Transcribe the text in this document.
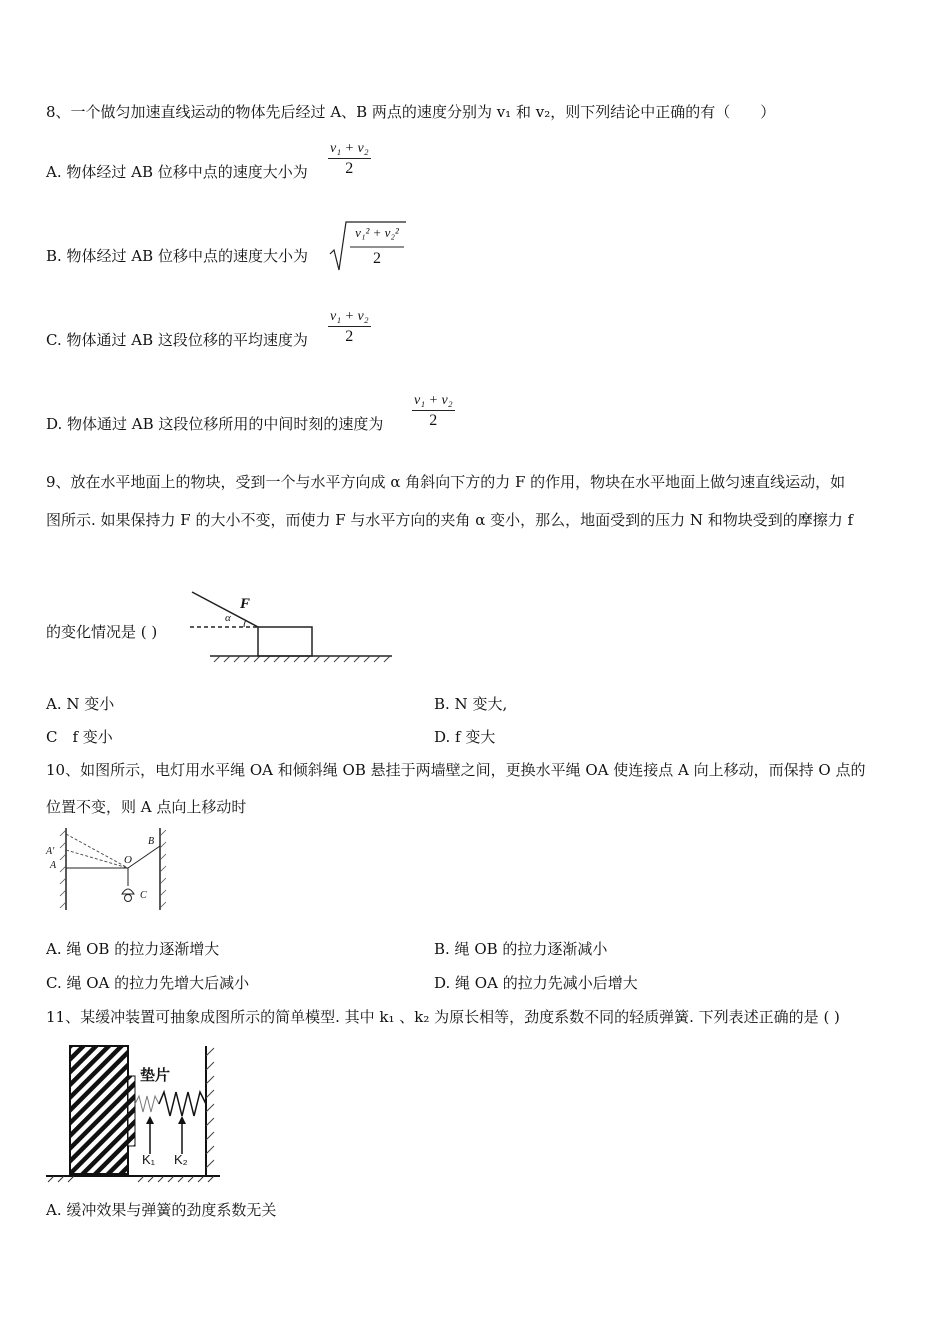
8、一个做匀加速直线运动的物体先后经过 A、B 两点的速度分别为 v₁ 和 v₂，则下列结论中正确的有（　　）
A. 物体经过 AB 位移中点的速度大小为 $\frac{\text{v₁ + v₂}}{2}$
B. 物体经过 AB 位移中点的速度大小为
v₁² + v₂²
2
C. 物体通过 AB 这段位移的平均速度为 $\frac{\text{v₁ + v₂}}{2}$
D. 物体通过 AB 这段位移所用的中间时刻的速度为 $\frac{\text{v₁ + v₂}}{2}$
9、放在水平地面上的物块，受到一个与水平方向成 α 角斜向下方的力 F 的作用，物块在水平地面上做匀速直线运动，如
图所示. 如果保持力 F 的大小不变，而使力 F 与水平方向的夹角 α 变小，那么，地面受到的压力 N 和物块受到的摩擦力 f
的变化情况是 ( )
F
α
A. N 变小	B. N 变大,
C　f 变小	D. f 变大
10、如图所示，电灯用水平绳 OA 和倾斜绳 OB 悬挂于两墙壁之间，更换水平绳 OA 使连接点 A 向上移动，而保持 O 点的
位置不变，则 A 点向上移动时
A'
A	O
B
C
A. 绳 OB 的拉力逐渐增大	B. 绳 OB 的拉力逐渐减小
C. 绳 OA 的拉力先增大后减小	D. 绳 OA 的拉力先减小后增大
11、某缓冲装置可抽象成图所示的简单模型. 其中 k₁ 、k₂ 为原长相等，劲度系数不同的轻质弹簧. 下列表述正确的是 ( )
垫片
K₁ K₂
A. 缓冲效果与弹簧的劲度系数无关
